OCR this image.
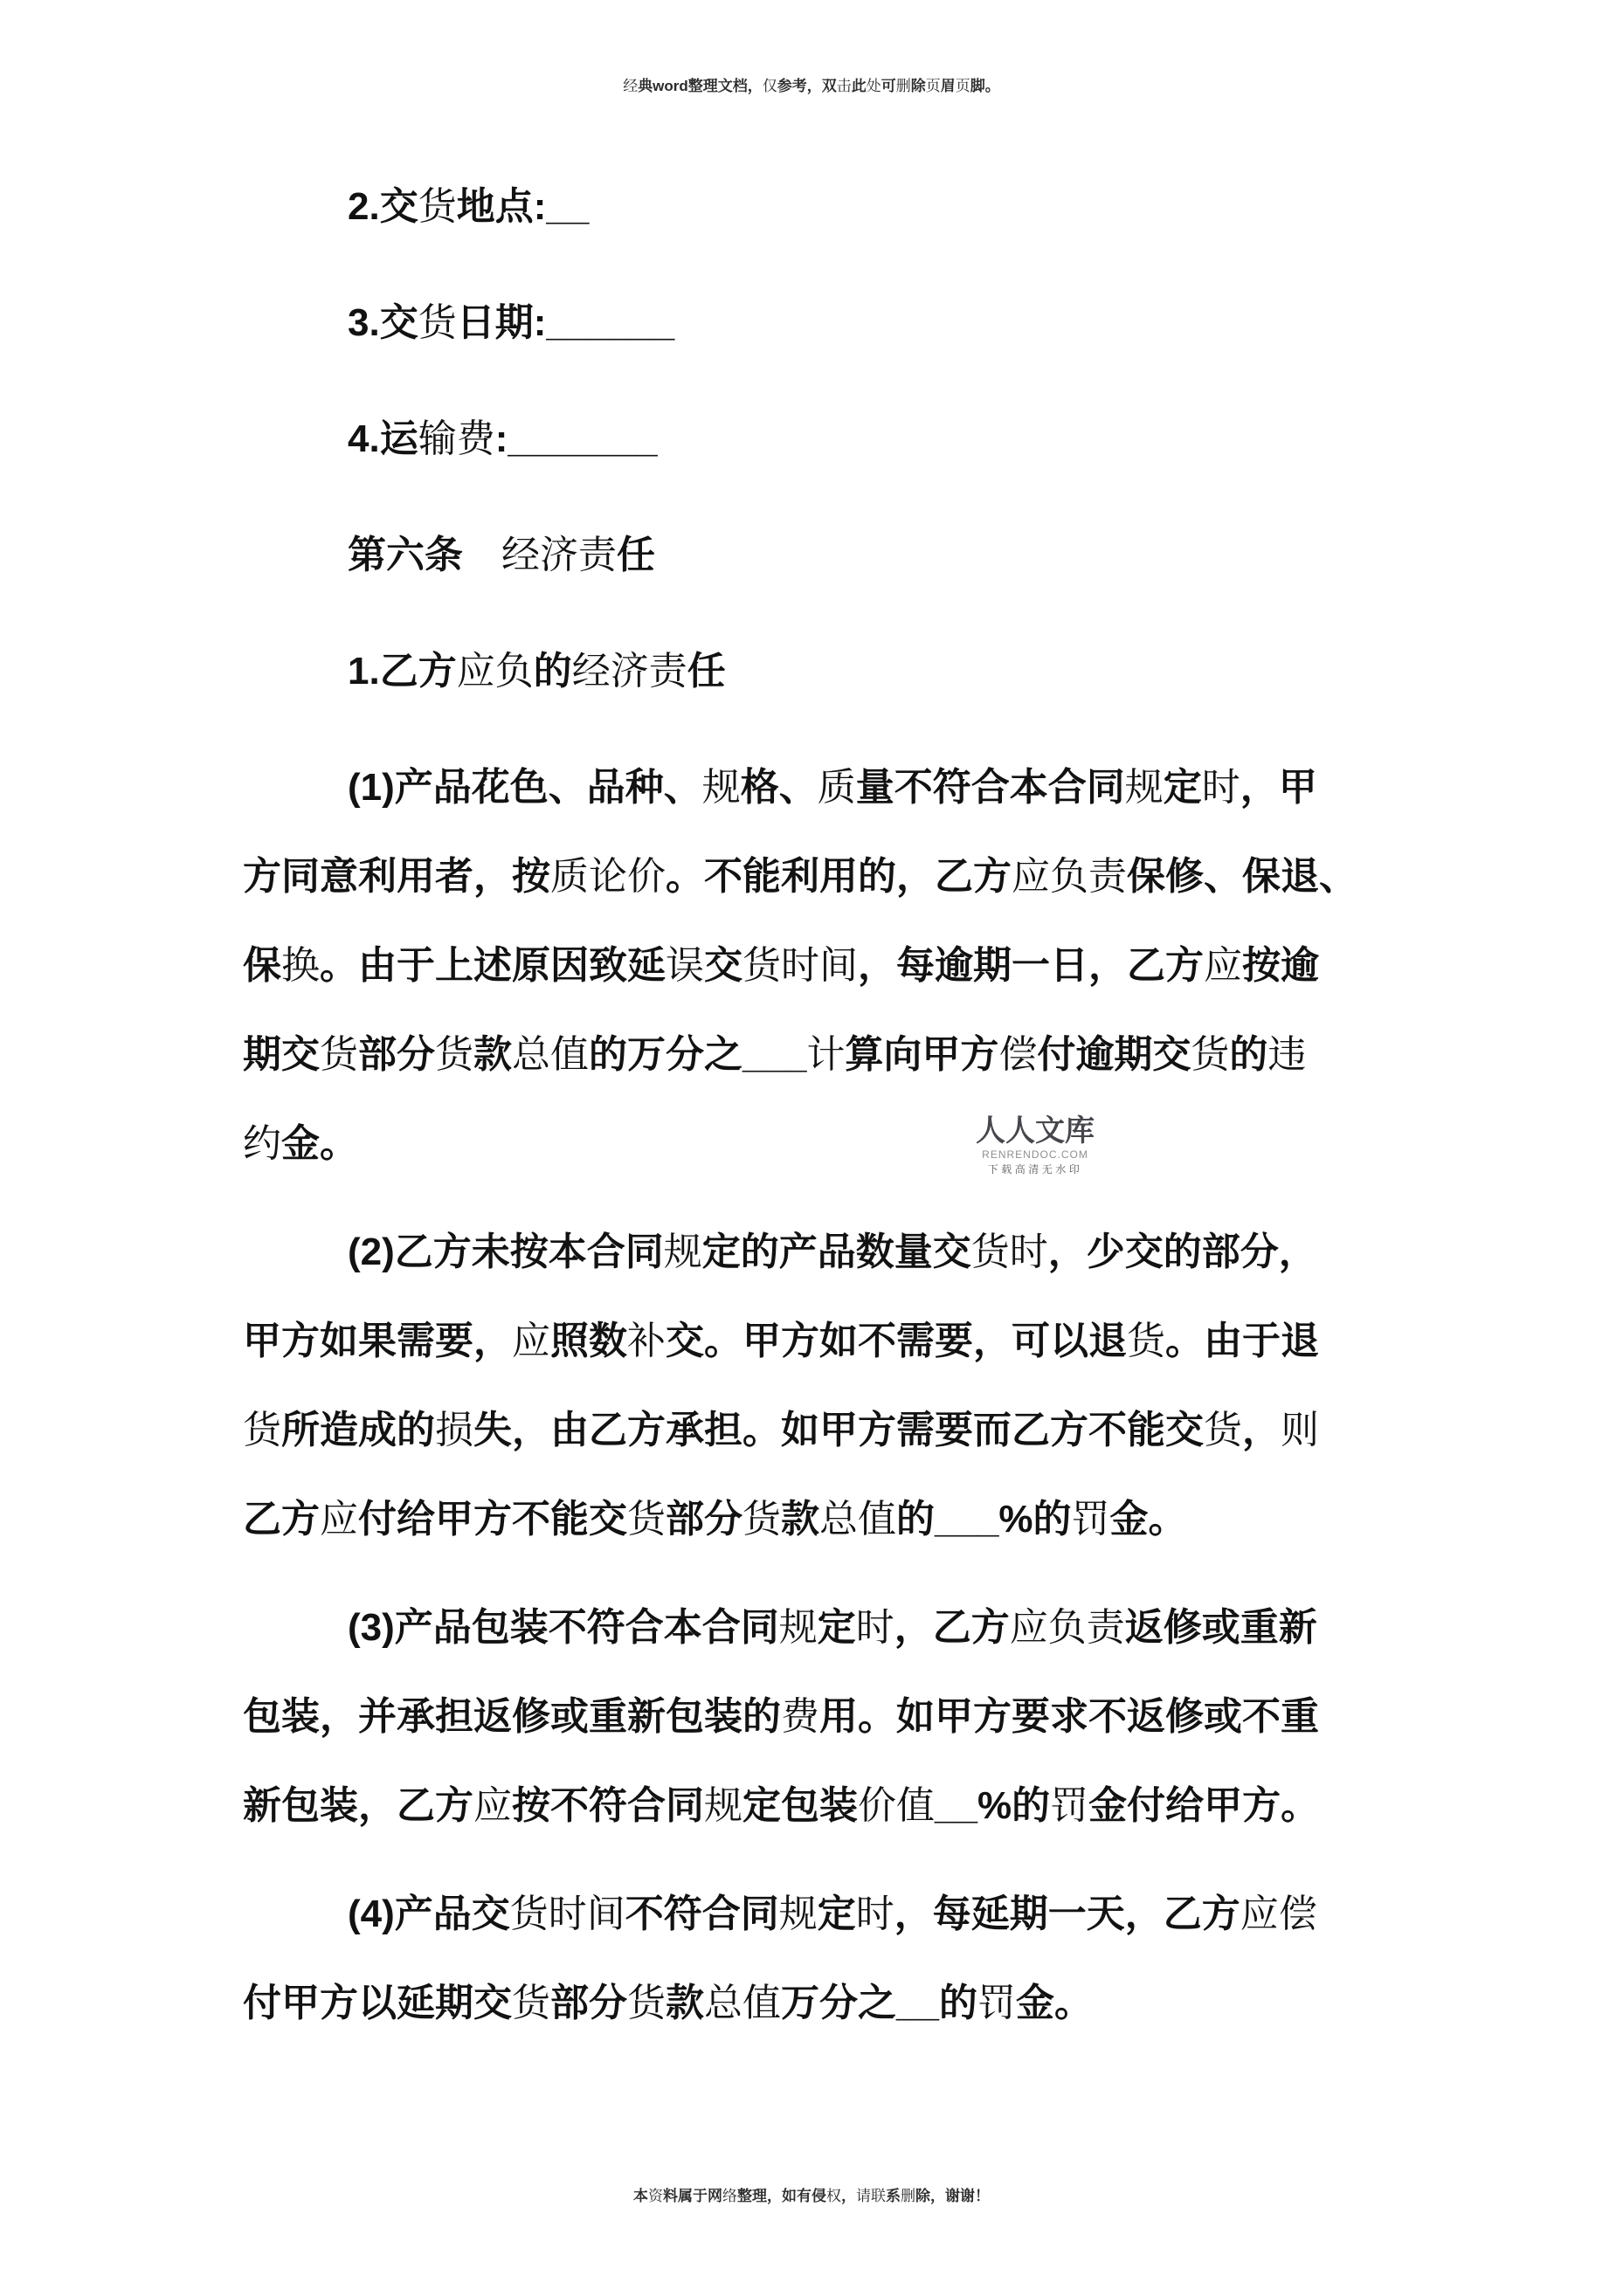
经典word整理文档，仅参考，双击此处可删除页眉页脚。
2.交货地点:__
3.交货日期:______
4.运输费:_______
第六条　经济责任
1.乙方应负的经济责任
(1)产品花色、品种、规格、质量不符合本合同规定时，甲
方同意利用者，按质论价。不能利用的，乙方应负责保修、保退、
保换。由于上述原因致延误交货时间，每逾期一日，乙方应按逾
期交货部分货款总值的万分之___计算向甲方偿付逾期交货的违
约金。
(2)乙方未按本合同规定的产品数量交货时，少交的部分，
甲方如果需要，应照数补交。甲方如不需要，可以退货。由于退
货所造成的损失，由乙方承担。如甲方需要而乙方不能交货，则
乙方应付给甲方不能交货部分货款总值的___%的罚金。
(3)产品包装不符合本合同规定时，乙方应负责返修或重新
包装，并承担返修或重新包装的费用。如甲方要求不返修或不重
新包装，乙方应按不符合同规定包装价值__%的罚金付给甲方。
(4)产品交货时间不符合同规定时，每延期一天，乙方应偿
付甲方以延期交货部分货款总值万分之__的罚金。
人人文库
RENRENDOC.COM
下载高清无水印
本资料属于网络整理，如有侵权，请联系删除，谢谢！
